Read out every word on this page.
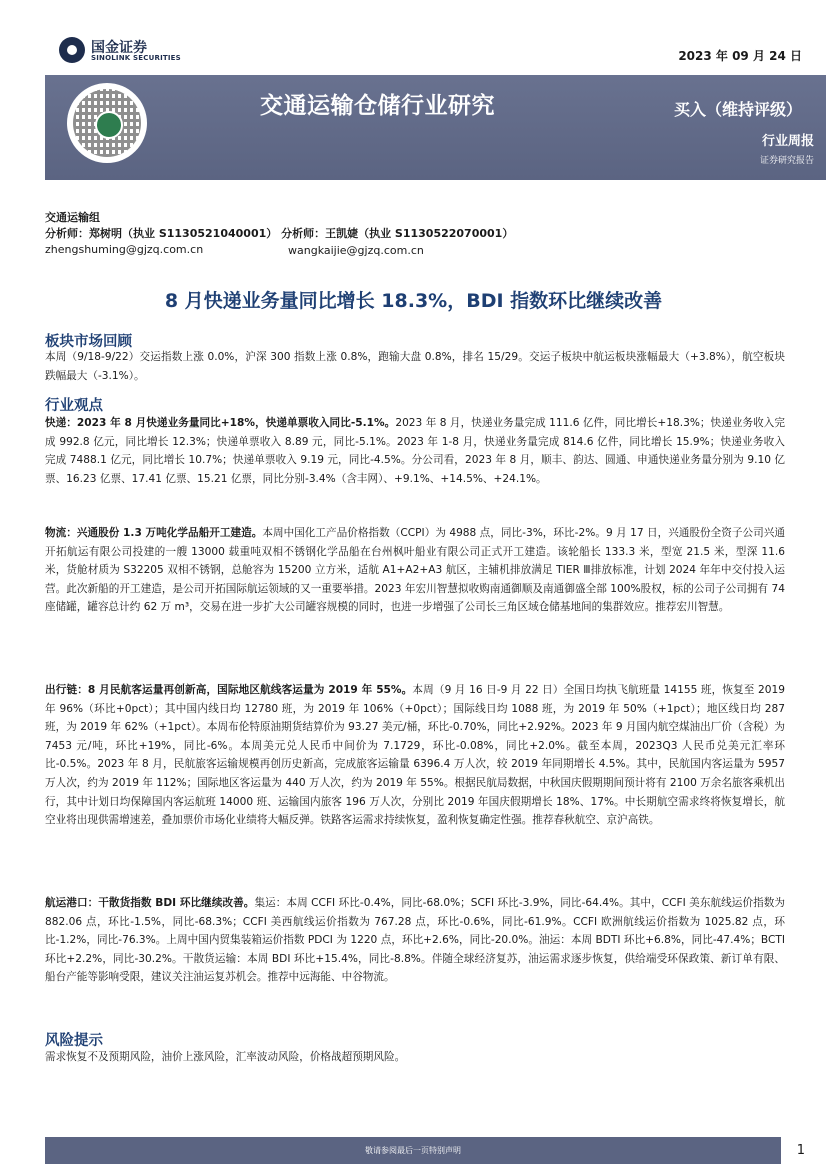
国金证券
SINOLINK SECURITIES	2023 年 09 月 24 日
交通运输仓储行业研究	买入（维持评级）
行业周报
证券研究报告
交通运输组
分析师：郑树明（执业 S1130521040001） 分析师：王凯婕（执业 S1130522070001）
zhengshuming@gjzq.com.cn	wangkaijie@gjzq.com.cn
8 月快递业务量同比增长 18.3%，BDI 指数环比继续改善
板块市场回顾
本周（9/18-9/22）交运指数上涨 0.0%，沪深 300 指数上涨 0.8%，跑输大盘 0.8%，排名 15/29。交运子板块中航运板块涨幅最大（+3.8%），航空板块跌幅最大（-3.1%）。
行业观点
快递：2023 年 8 月快递业务量同比+18%，快递单票收入同比-5.1%。2023 年 8 月，快递业务量完成 111.6 亿件，同比增长+18.3%；快递业务收入完成 992.8 亿元，同比增长 12.3%；快递单票收入 8.89 元，同比-5.1%。2023 年 1-8 月，快递业务量完成 814.6 亿件，同比增长 15.9%；快递业务收入完成 7488.1 亿元，同比增长 10.7%；快递单票收入 9.19 元，同比-4.5%。分公司看，2023 年 8 月，顺丰、韵达、圆通、申通快递业务量分别为 9.10 亿票、16.23 亿票、17.41 亿票、15.21 亿票，同比分别-3.4%（含丰网）、+9.1%、+14.5%、+24.1%。
物流：兴通股份 1.3 万吨化学品船开工建造。本周中国化工产品价格指数（CCPI）为 4988 点，同比-3%，环比-2%。9 月 17 日，兴通股份全资子公司兴通开拓航运有限公司投建的一艘 13000 载重吨双相不锈钢化学品船在台州枫叶船业有限公司正式开工建造。该轮船长 133.3 米，型宽 21.5 米，型深 11.6 米，货舱材质为 S32205 双相不锈钢，总舱容为 15200 立方米，适航 A1+A2+A3 航区，主辅机排放满足 TIER Ⅲ排放标准，计划 2024 年年中交付投入运营。此次新船的开工建造，是公司开拓国际航运领域的又一重要举措。2023 年宏川智慧拟收购南通御顺及南通御盛全部 100%股权，标的公司子公司拥有 74 座储罐，罐容总计约 62 万 m³，交易在进一步扩大公司罐容规模的同时，也进一步增强了公司长三角区域仓储基地间的集群效应。推荐宏川智慧。
出行链：8 月民航客运量再创新高，国际地区航线客运量为 2019 年 55%。本周（9 月 16 日-9 月 22 日）全国日均执飞航班量 14155 班，恢复至 2019 年 96%（环比+0pct）；其中国内线日均 12780 班，为 2019 年 106%（+0pct）；国际线日均 1088 班，为 2019 年 50%（+1pct）；地区线日均 287 班，为 2019 年 62%（+1pct）。本周布伦特原油期货结算价为 93.27 美元/桶，环比-0.70%，同比+2.92%。2023 年 9 月国内航空煤油出厂价（含税）为 7453 元/吨，环比+19%，同比-6%。本周美元兑人民币中间价为 7.1729，环比-0.08%，同比+2.0%。截至本周，2023Q3 人民币兑美元汇率环比-0.5%。2023 年 8 月，民航旅客运输规模再创历史新高，完成旅客运输量 6396.4 万人次，较 2019 年同期增长 4.5%。其中，民航国内客运量为 5957 万人次，约为 2019 年 112%；国际地区客运量为 440 万人次，约为 2019 年 55%。根据民航局数据，中秋国庆假期期间预计将有 2100 万余名旅客乘机出行，其中计划日均保障国内客运航班 14000 班、运输国内旅客 196 万人次，分别比 2019 年国庆假期增长 18%、17%。中长期航空需求终将恢复增长，航空业将出现供需增速差，叠加票价市场化业绩将大幅反弹。铁路客运需求持续恢复，盈利恢复确定性强。推荐春秋航空、京沪高铁。
航运港口：干散货指数 BDI 环比继续改善。集运：本周 CCFI 环比-0.4%，同比-68.0%；SCFI 环比-3.9%，同比-64.4%。其中，CCFI 美东航线运价指数为 882.06 点，环比-1.5%，同比-68.3%；CCFI 美西航线运价指数为 767.28 点，环比-0.6%，同比-61.9%。CCFI 欧洲航线运价指数为 1025.82 点，环比-1.2%，同比-76.3%。上周中国内贸集装箱运价指数 PDCI 为 1220 点，环比+2.6%，同比-20.0%。油运：本周 BDTI 环比+6.8%，同比-47.4%；BCTI 环比+2.2%，同比-30.2%。干散货运输：本周 BDI 环比+15.4%，同比-8.8%。伴随全球经济复苏，油运需求逐步恢复，供给端受环保政策、新订单有限、船台产能等影响受限，建议关注油运复苏机会。推荐中远海能、中谷物流。
风险提示
需求恢复不及预期风险，油价上涨风险，汇率波动风险，价格战超预期风险。
敬请参阅最后一页特别声明	1
